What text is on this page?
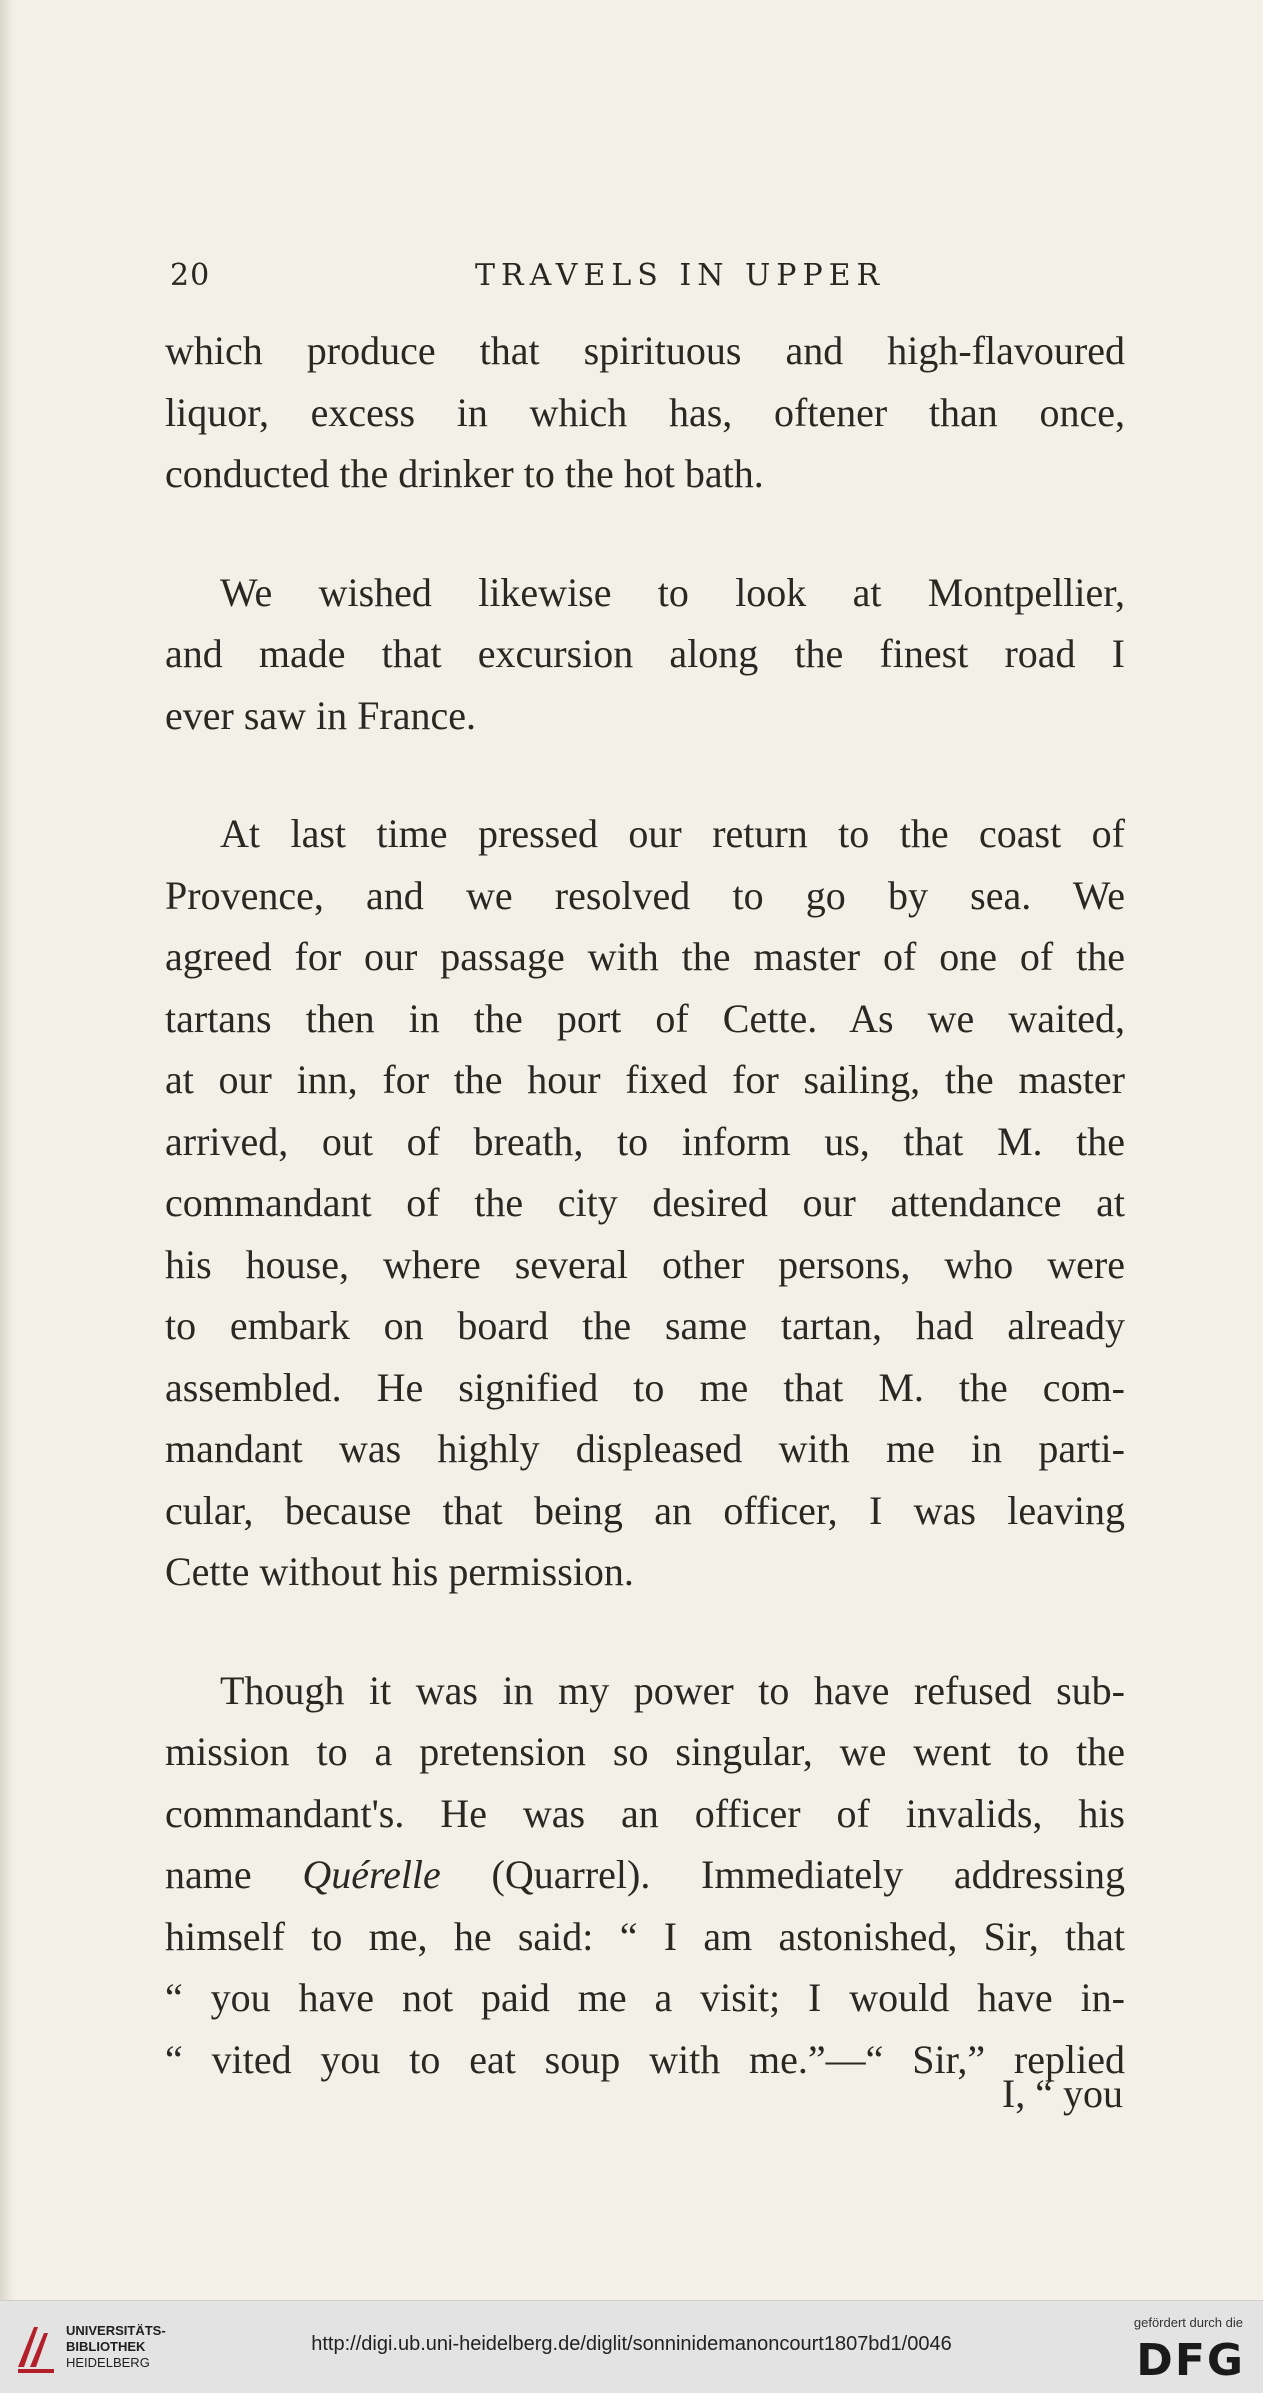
20	TRAVELS IN UPPER
which produce that spirituous and high-flavoured
liquor, excess in which has, oftener than once,
conducted the drinker to the hot bath.
We wished likewise to look at Montpellier,
and made that excursion along the finest road I
ever saw in France.
At last time pressed our return to the coast of
Provence, and we resolved to go by sea. We
agreed for our passage with the master of one of the
tartans then in the port of Cette. As we waited,
at our inn, for the hour fixed for sailing, the master
arrived, out of breath, to inform us, that M. the
commandant of the city desired our attendance at
his house, where several other persons, who were
to embark on board the same tartan, had already
assembled. He signified to me that M. the com-
mandant was highly displeased with me in parti-
cular, because that being an officer, I was leaving
Cette without his permission.
Though it was in my power to have refused sub-
mission to a pretension so singular, we went to the
commandant's. He was an officer of invalids, his
name Quérelle (Quarrel). Immediately addressing
himself to me, he said: “ I am astonished, Sir, that
“ you have not paid me a visit; I would have in-
“ vited you to eat soup with me.”—“ Sir,” replied
I, “ you
UNIVERSITÄTS-
BIBLIOTHEK
HEIDELBERG
http://digi.ub.uni-heidelberg.de/diglit/sonninidemanoncourt1807bd1/0046
gefördert durch die
DFG
